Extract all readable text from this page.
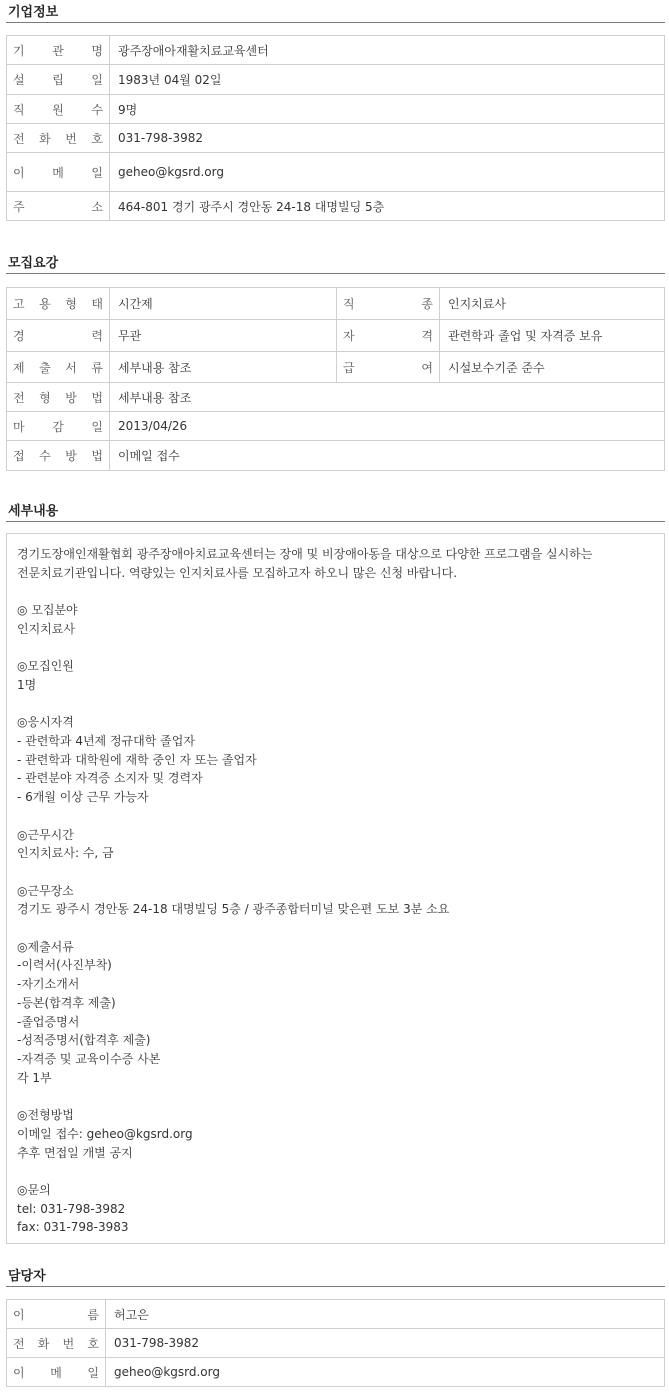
기업정보
기 관 명	광주장애아재활치료교육센터

설 립 일	1983년 04월 02일

직 원 수	9명

전 화 번 호	031-798-3982

이 메 일	geheo@kgsrd.org

주 소	464-801 경기 광주시 경안동 24-18 대명빌딩 5층
모집요강
고 용 형 태	시간제	직 종	인지치료사

경 력	무관	자 격	관련학과 졸업 및 자격증 보유

제 출 서 류	세부내용 참조	급 여	시설보수기준 준수

전 형 방 법	세부내용 참조		

마 감 일	2013/04/26		

접 수 방 법	이메일 접수		
세부내용
경기도장애인재활협회 광주장애아치료교육센터는 장애 및 비장애아동을 대상으로 다양한 프로그램을 실시하는 전문치료기관입니다. 역량있는 인지치료사를 모집하고자 하오니 많은 신청 바랍니다.

◎ 모집분야
인지치료사

◎모집인원
1명

◎응시자격
- 관련학과 4년제 정규대학 졸업자
- 관련학과 대학원에 재학 중인 자 또는 졸업자
- 관련분야 자격증 소지자 및 경력자
- 6개월 이상 근무 가능자

◎근무시간
인지치료사: 수, 금

◎근무장소
경기도 광주시 경안동 24-18 대명빌딩 5층 / 광주종합터미널 맞은편 도보 3분 소요

◎제출서류
-이력서(사진부착)
-자기소개서
-등본(합격후 제출)
-졸업증명서
-성적증명서(합격후 제출)
-자격증 및 교육이수증 사본
각 1부

◎전형방법
이메일 접수: geheo@kgsrd.org
추후 면접일 개별 공지

◎문의
tel: 031-798-3982
fax: 031-798-3983
담당자
이 름	허고은

전 화 번 호	031-798-3982

이 메 일	geheo@kgsrd.org
